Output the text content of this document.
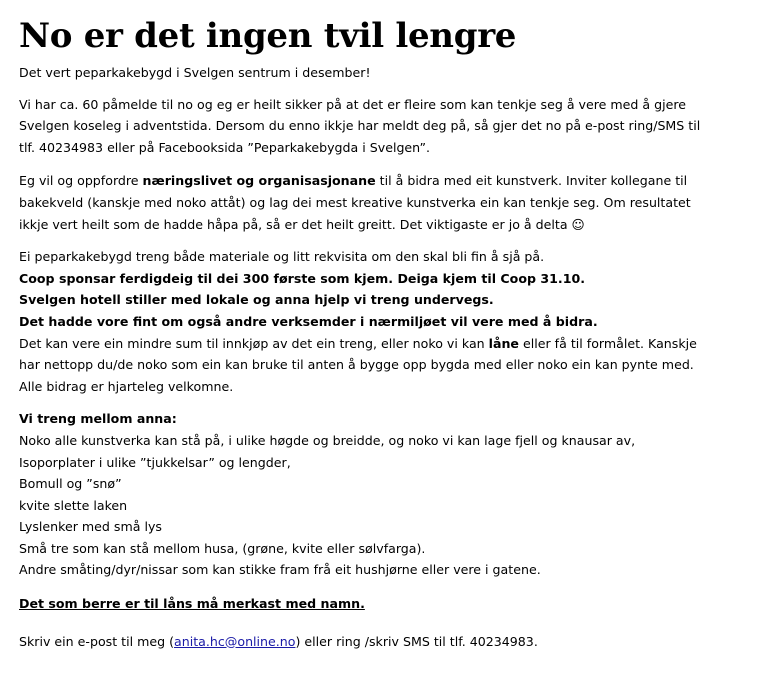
No er det ingen tvil lengre

Det vert peparkakebygd i Svelgen sentrum i desember!

Vi har ca. 60 påmelde til no og eg er heilt sikker på at det er fleire som kan tenkje seg å vere med å gjere

Svelgen koseleg i adventstida. Dersom du enno ikkje har meldt deg på, så gjer det no på e-post ring/SMS til

tlf. 40234983 eller på Facebooksida ”Peparkakebygda i Svelgen”.

Eg vil og oppfordre næringslivet og organisasjonane til å bidra med eit kunstverk. Inviter kollegane til

bakekveld (kanskje med noko attåt) og lag dei mest kreative kunstverka ein kan tenkje seg. Om resultatet

ikkje vert heilt som de hadde håpa på, så er det heilt greitt. Det viktigaste er jo å delta ☺

Ei peparkakebygd treng både materiale og litt rekvisita om den skal bli fin å sjå på.

Coop sponsar ferdigdeig til dei 300 første som kjem. Deiga kjem til Coop 31.10.

Svelgen hotell stiller med lokale og anna hjelp vi treng undervegs.

Det hadde vore fint om også andre verksemder i nærmiljøet vil vere med å bidra.

Det kan vere ein mindre sum til innkjøp av det ein treng, eller noko vi kan låne eller få til formålet. Kanskje

har nettopp du/de noko som ein kan bruke til anten å bygge opp bygda med eller noko ein kan pynte med.

Alle bidrag er hjarteleg velkomne.

Vi treng mellom anna:

Noko alle kunstverka kan stå på, i ulike høgde og breidde, og noko vi kan lage fjell og knausar av,

Isoporplater i ulike ”tjukkelsar” og lengder,

Bomull og ”snø”

kvite slette laken

Lyslenker med små lys

Små tre som kan stå mellom husa, (grøne, kvite eller sølvfarga).

Andre småting/dyr/nissar som kan stikke fram frå eit hushjørne eller vere i gatene.

Det som berre er til låns må merkast med namn.

Skriv ein e-post til meg (anita.hc@online.no) eller ring /skriv SMS til tlf. 40234983.
